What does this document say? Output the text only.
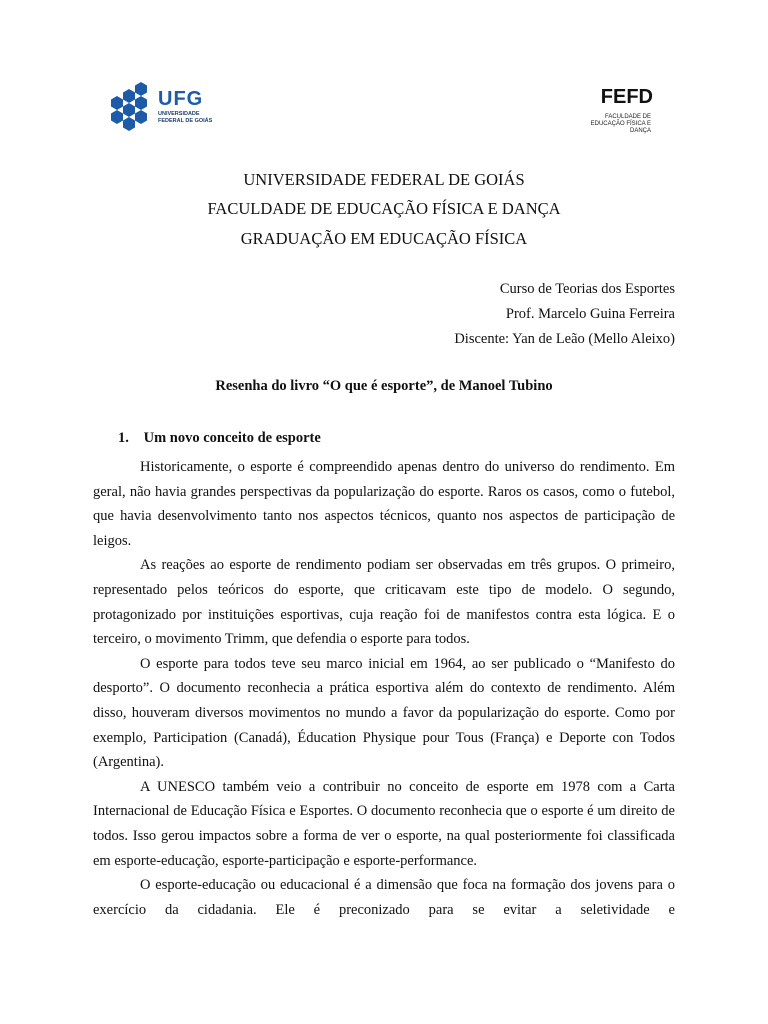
UFG
UNIVERSIDADE
FEDERAL DE GOIÁS
FEFD
FACULDADE DE
EDUCAÇÃO FÍSICA E DANÇA
UNIVERSIDADE FEDERAL DE GOIÁS
FACULDADE DE EDUCAÇÃO FÍSICA E DANÇA
GRADUAÇÃO EM EDUCAÇÃO FÍSICA
Curso de Teorias dos Esportes
Prof. Marcelo Guina Ferreira
Discente: Yan de Leão (Mello Aleixo)
Resenha do livro “O que é esporte”, de Manoel Tubino
1. Um novo conceito de esporte

Historicamente, o esporte é compreendido apenas dentro do universo do rendimento. Em geral, não havia grandes perspectivas da popularização do esporte. Raros os casos, como o futebol, que havia desenvolvimento tanto nos aspectos técnicos, quanto nos aspectos de participação de leigos.

As reações ao esporte de rendimento podiam ser observadas em três grupos. O primeiro, representado pelos teóricos do esporte, que criticavam este tipo de modelo. O segundo, protagonizado por instituições esportivas, cuja reação foi de manifestos contra esta lógica. E o terceiro, o movimento Trimm, que defendia o esporte para todos.

O esporte para todos teve seu marco inicial em 1964, ao ser publicado o “Manifesto do desporto”. O documento reconhecia a prática esportiva além do contexto de rendimento. Além disso, houveram diversos movimentos no mundo a favor da popularização do esporte. Como por exemplo, Participation (Canadá), Éducation Physique pour Tous (França) e Deporte con Todos (Argentina).

A UNESCO também veio a contribuir no conceito de esporte em 1978 com a Carta Internacional de Educação Física e Esportes. O documento reconhecia que o esporte é um direito de todos. Isso gerou impactos sobre a forma de ver o esporte, na qual posteriormente foi classificada em esporte-educação, esporte-participação e esporte-performance.

O esporte-educação ou educacional é a dimensão que foca na formação dos jovens para o exercício da cidadania. Ele é preconizado para se evitar a seletividade e
